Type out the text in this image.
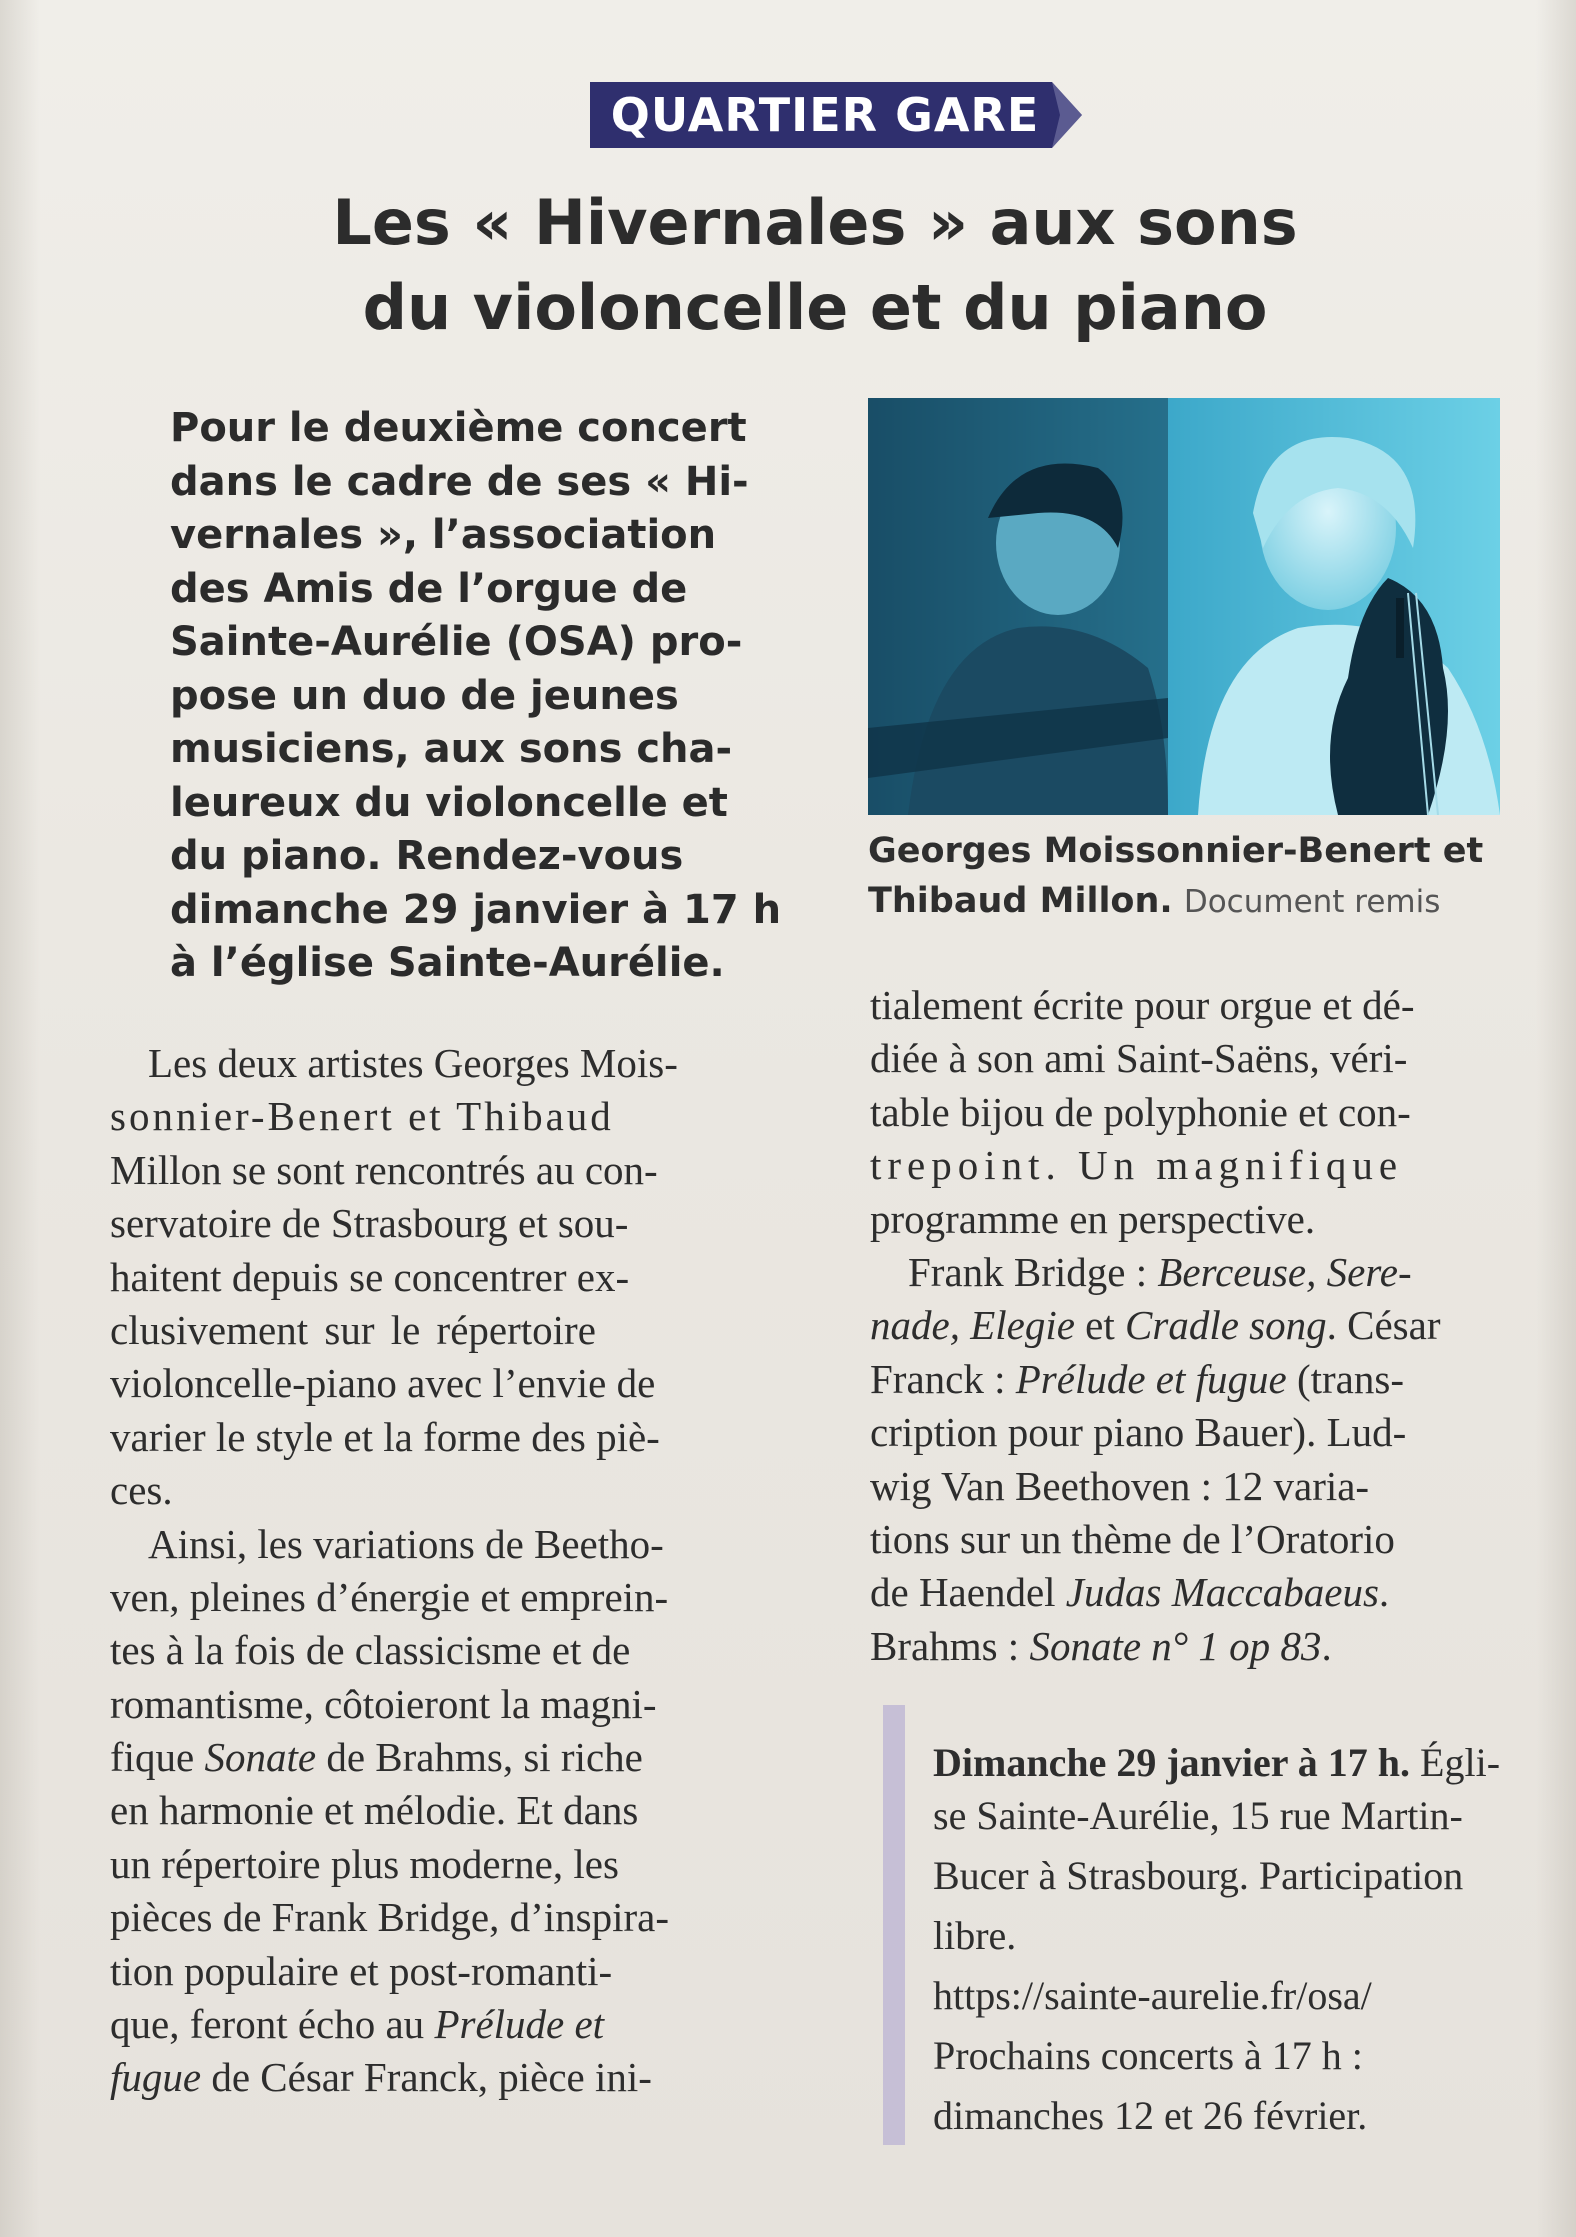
QUARTIER GARE
Les « Hivernales » aux sons
du violoncelle et du piano
Pour le deuxième concert
dans le cadre de ses « Hi-
vernales », l’association
des Amis de l’orgue de
Sainte-Aurélie (OSA) pro-
pose un duo de jeunes
musiciens, aux sons cha-
leureux du violoncelle et
du piano. Rendez-vous
dimanche 29 janvier à 17 h
à l’église Sainte-Aurélie.
Georges Moissonnier-Benert et Thibaud Millon. Document remis
Les deux artistes Georges Mois-
sonnier-Benert et Thibaud
Millon se sont rencontrés au con-
servatoire de Strasbourg et sou-
haitent depuis se concentrer ex-
clusivement sur le répertoire
violoncelle-piano avec l’envie de
varier le style et la forme des piè-
ces.
Ainsi, les variations de Beetho-
ven, pleines d’énergie et emprein-
tes à la fois de classicisme et de
romantisme, côtoieront la magni-
fique Sonate de Brahms, si riche
en harmonie et mélodie. Et dans
un répertoire plus moderne, les
pièces de Frank Bridge, d’inspira-
tion populaire et post-romanti-
que, feront écho au Prélude et
fugue de César Franck, pièce ini-
tialement écrite pour orgue et dé-
diée à son ami Saint-Saëns, véri-
table bijou de polyphonie et con-
trepoint. Un magnifique
programme en perspective.
Frank Bridge : Berceuse, Sere-
nade, Elegie et Cradle song. César
Franck : Prélude et fugue (trans-
cription pour piano Bauer). Lud-
wig Van Beethoven : 12 varia-
tions sur un thème de l’Oratorio
de Haendel Judas Maccabaeus.
Brahms : Sonate n° 1 op 83.
Dimanche 29 janvier à 17 h. Égli-
se Sainte-Aurélie, 15 rue Martin-
Bucer à Strasbourg. Participation
libre.
https://sainte-aurelie.fr/osa/
Prochains concerts à 17 h :
dimanches 12 et 26 février.
